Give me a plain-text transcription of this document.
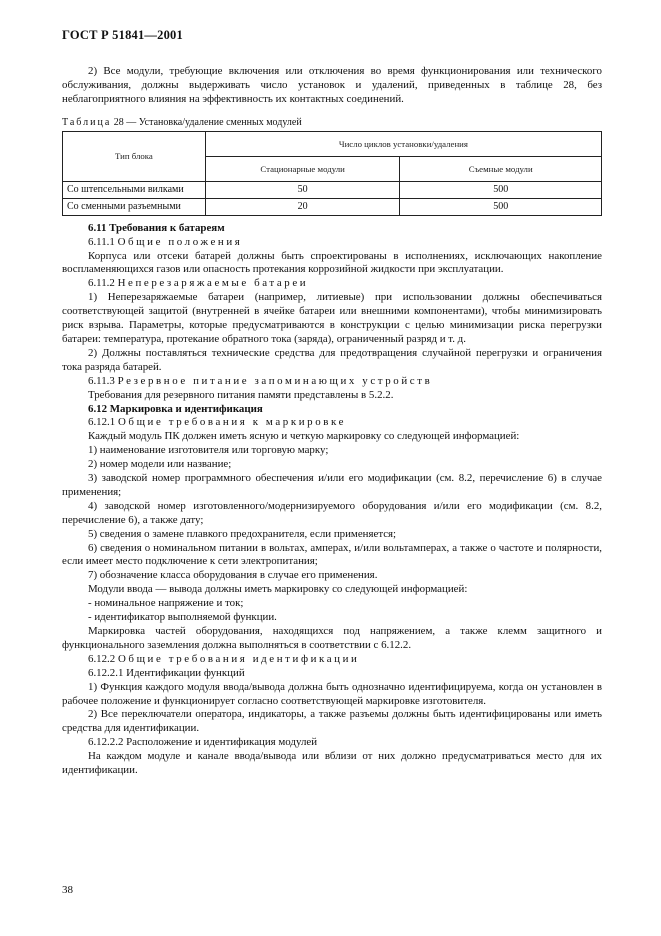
ГОСТ Р 51841—2001

2) Все модули, требующие включения или отключения во время функционирования или технического обслуживания, должны выдерживать число установок и удалений, приведенных в таблице 28, без неблагоприятного влияния на эффективность их контактных соединений.

Таблица 28 — Установка/удаление сменных модулей
Тип блока	Число циклов установки/удаления	
	Стационарные модули	Съемные модули
Со штепсельными вилками	50	500
Со сменными разъемными	20	500

6.11 Требования к батареям

6.11.1 Общие положения

Корпуса или отсеки батарей должны быть спроектированы в исполнениях, исключающих накопление воспламеняющихся газов или опасность протекания коррозийной жидкости при эксплуатации.

6.11.2 Неперезаряжаемые батареи

1) Неперезаряжаемые батареи (например, литиевые) при использовании должны обеспечиваться соответствующей защитой (внутренней в ячейке батареи или внешними компонентами), чтобы минимизировать риск взрыва. Параметры, которые предусматриваются в конструкции с целью минимизации риска перегрузки батареи: температура, протекание обратного тока (заряда), ограниченный разряд и т. д.

2) Должны поставляться технические средства для предотвращения случайной перегрузки и ограничения тока разряда батарей.

6.11.3 Резервное питание запоминающих устройств

Требования для резервного питания памяти представлены в 5.2.2.

6.12 Маркировка и идентификация

6.12.1 Общие требования к маркировке

Каждый модуль ПК должен иметь ясную и четкую маркировку со следующей информацией:

1) наименование изготовителя или торговую марку;

2) номер модели или название;

3) заводской номер программного обеспечения и/или его модификации (см. 8.2, перечисление 6) в случае применения;

4) заводской номер изготовленного/модернизируемого оборудования и/или его модификации (см. 8.2, перечисление 6), а также дату;

5) сведения о замене плавкого предохранителя, если применяется;

6) сведения о номинальном питании в вольтах, амперах, и/или вольтамперах, а также о частоте и полярности, если имеет место подключение к сети электропитания;

7) обозначение класса оборудования в случае его применения.

Модули ввода — вывода должны иметь маркировку со следующей информацией:

- номинальное напряжение и ток;

- идентификатор выполняемой функции.

Маркировка частей оборудования, находящихся под напряжением, а также клемм защитного и функционального заземления должна выполняться в соответствии с 6.12.2.

6.12.2 Общие требования идентификации

6.12.2.1 Идентификации функций

1) Функция каждого модуля ввода/вывода должна быть однозначно идентифицируема, когда он установлен в рабочее положение и функционирует согласно соответствующей маркировке изготовителя.

2) Все переключатели оператора, индикаторы, а также разъемы должны быть идентифицированы или иметь средства для идентификации.

6.12.2.2 Расположение и идентификация модулей

На каждом модуле и канале ввода/вывода или вблизи от них должно предусматриваться место для их идентификации.

38
